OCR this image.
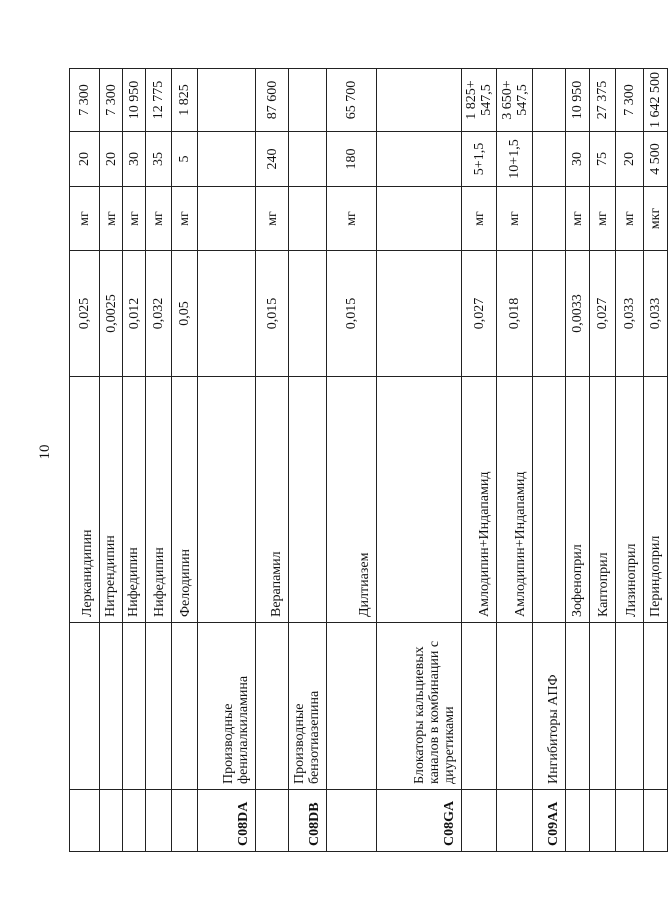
10
		Лерканидипин	0,025	мг	20	7 300
		Нитрендипин	0,0025	мг	20	7 300
		Нифедипин	0,012	мг	30	10 950
		Нифедипин	0,032	мг	35	12 775
		Фелодипин	0,05	мг	5	1 825
C08DA	Производные фенилалкиламина					
		Верапамил	0,015	мг	240	87 600
C08DB	Производные бензотиазепина					
		Дилтиазем	0,015	мг	180	65 700
C08GA	Блокаторы кальциевых каналов в комбинации с диуретиками					
		Амлодипин+Индапамид	0,027	мг	5+1,5	1 825+ 547,5
		Амлодипин+Индапамид	0,018	мг	10+1,5	3 650+ 547,5
C09AA	Ингибиторы АПФ					
		Зофеноприл	0,0033	мг	30	10 950
		Каптоприл	0,027	мг	75	27 375
		Лизиноприл	0,033	мг	20	7 300
		Периндоприл	0,033	мкг	4 500	1 642 500
